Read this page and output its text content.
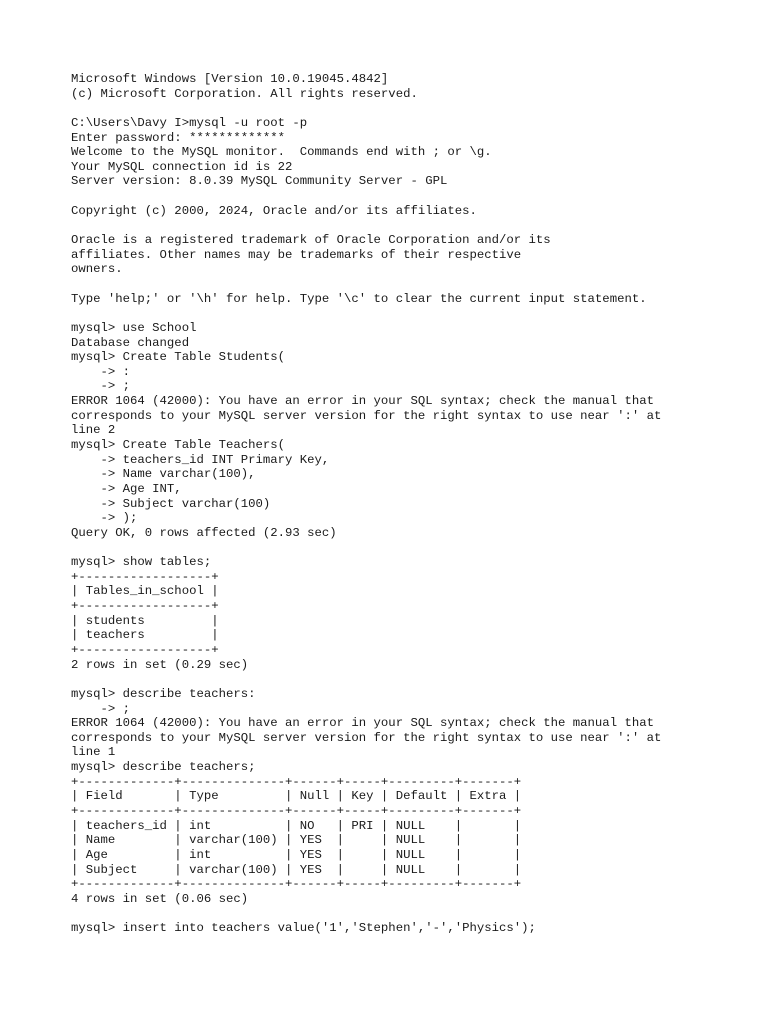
Microsoft Windows [Version 10.0.19045.4842]
(c) Microsoft Corporation. All rights reserved.
C:\Users\Davy I>mysql -u root -p
Enter password: *************
Welcome to the MySQL monitor.  Commands end with ; or \g.
Your MySQL connection id is 22
Server version: 8.0.39 MySQL Community Server - GPL
Copyright (c) 2000, 2024, Oracle and/or its affiliates.
Oracle is a registered trademark of Oracle Corporation and/or its
affiliates. Other names may be trademarks of their respective
owners.
Type 'help;' or '\h' for help. Type '\c' to clear the current input statement.
mysql> use School
Database changed
mysql> Create Table Students(
-> :
-> ;
ERROR 1064 (42000): You have an error in your SQL syntax; check the manual that
corresponds to your MySQL server version for the right syntax to use near ':' at
line 2
mysql> Create Table Teachers(
-> teachers_id INT Primary Key,
-> Name varchar(100),
-> Age INT,
-> Subject varchar(100)
-> );
Query OK, 0 rows affected (2.93 sec)
mysql> show tables;
+------------------+
| Tables_in_school |
+------------------+
| students         |
| teachers         |
+------------------+
2 rows in set (0.29 sec)
mysql> describe teachers:
-> ;
ERROR 1064 (42000): You have an error in your SQL syntax; check the manual that
corresponds to your MySQL server version for the right syntax to use near ':' at
line 1
mysql> describe teachers;
+-------------+--------------+------+-----+---------+-------+
| Field       | Type         | Null | Key | Default | Extra |
+-------------+--------------+------+-----+---------+-------+
| teachers_id | int          | NO   | PRI | NULL    |       |
| Name        | varchar(100) | YES  |     | NULL    |       |
| Age         | int          | YES  |     | NULL    |       |
| Subject     | varchar(100) | YES  |     | NULL    |       |
+-------------+--------------+------+-----+---------+-------+
4 rows in set (0.06 sec)
mysql> insert into teachers value('1','Stephen','-','Physics');
